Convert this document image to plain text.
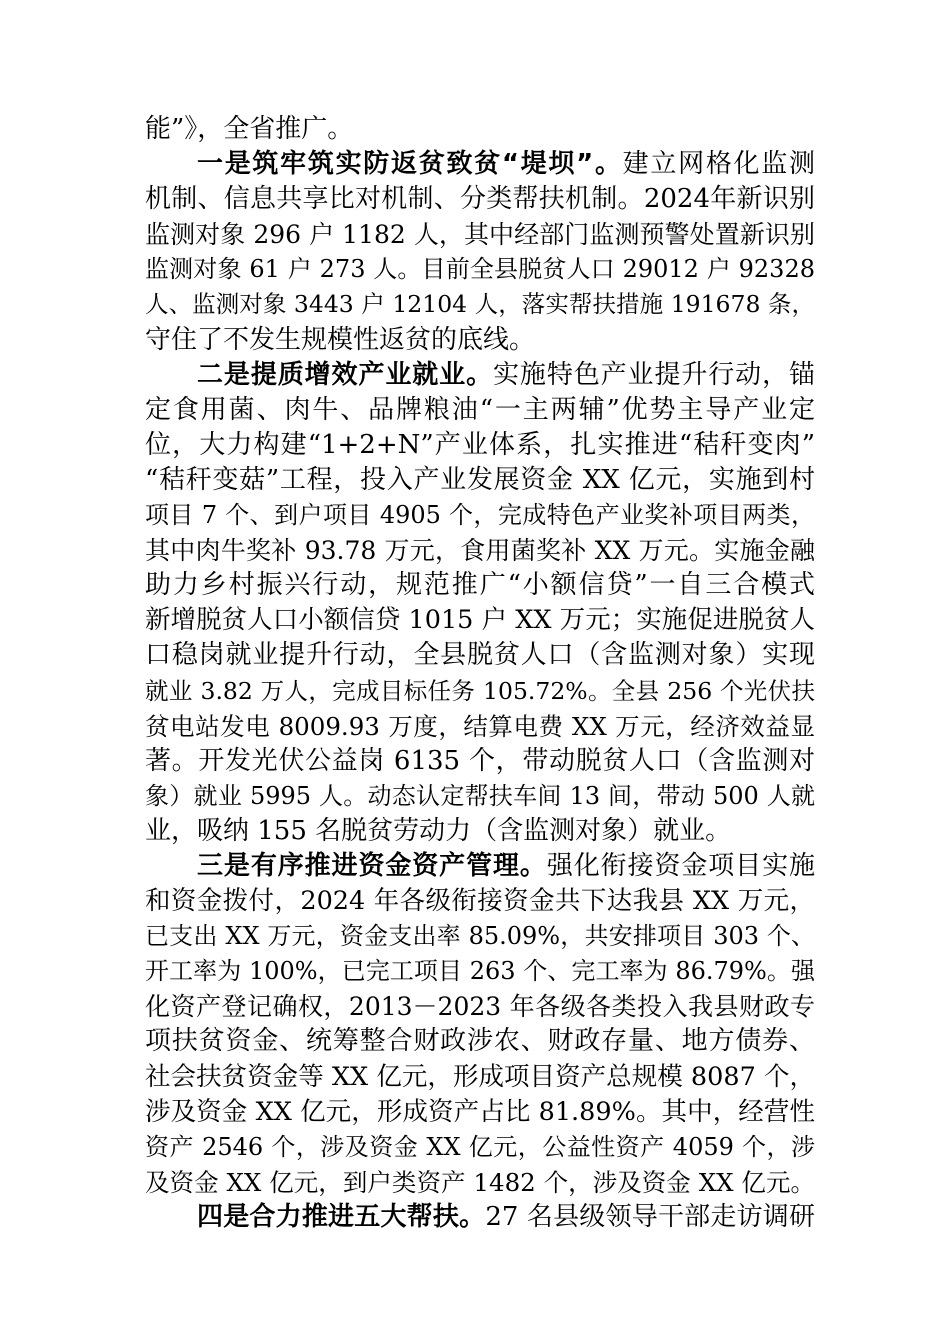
能”》，全省推广。
一是筑牢筑实防返贫致贫“堤坝”。建立网格化监测
机制、信息共享比对机制、分类帮扶机制。2024年新识别
监测对象 296 户 1182 人，其中经部门监测预警处置新识别
监测对象 61 户 273 人。目前全县脱贫人口 29012 户 92328
人、监测对象 3443 户 12104 人，落实帮扶措施 191678 条，
守住了不发生规模性返贫的底线。
二是提质增效产业就业。实施特色产业提升行动，锚
定食用菌、肉牛、品牌粮油“一主两辅”优势主导产业定
位，大力构建“1+2+N”产业体系，扎实推进“秸秆变肉”
“秸秆变菇”工程，投入产业发展资金 XX 亿元，实施到村
项目 7 个、到户项目 4905 个，完成特色产业奖补项目两类，
其中肉牛奖补 93.78 万元，食用菌奖补 XX 万元。实施金融
助力乡村振兴行动，规范推广“小额信贷”一自三合模式
新增脱贫人口小额信贷 1015 户 XX 万元；实施促进脱贫人
口稳岗就业提升行动，全县脱贫人口（含监测对象）实现
就业 3.82 万人，完成目标任务 105.72%。全县 256 个光伏扶
贫电站发电 8009.93 万度，结算电费 XX 万元，经济效益显
著。开发光伏公益岗 6135 个，带动脱贫人口（含监测对
象）就业 5995 人。动态认定帮扶车间 13 间，带动 500 人就
业，吸纳 155 名脱贫劳动力（含监测对象）就业。
三是有序推进资金资产管理。强化衔接资金项目实施
和资金拨付，2024 年各级衔接资金共下达我县 XX 万元，
已支出 XX 万元，资金支出率 85.09%，共安排项目 303 个、
开工率为 100%，已完工项目 263 个、完工率为 86.79%。强
化资产登记确权，2013－2023 年各级各类投入我县财政专
项扶贫资金、统筹整合财政涉农、财政存量、地方债券、
社会扶贫资金等 XX 亿元，形成项目资产总规模 8087 个，
涉及资金 XX 亿元，形成资产占比 81.89%。其中，经营性
资产 2546 个，涉及资金 XX 亿元，公益性资产 4059 个，涉
及资金 XX 亿元，到户类资产 1482 个，涉及资金 XX 亿元。
四是合力推进五大帮扶。27 名县级领导干部走访调研
